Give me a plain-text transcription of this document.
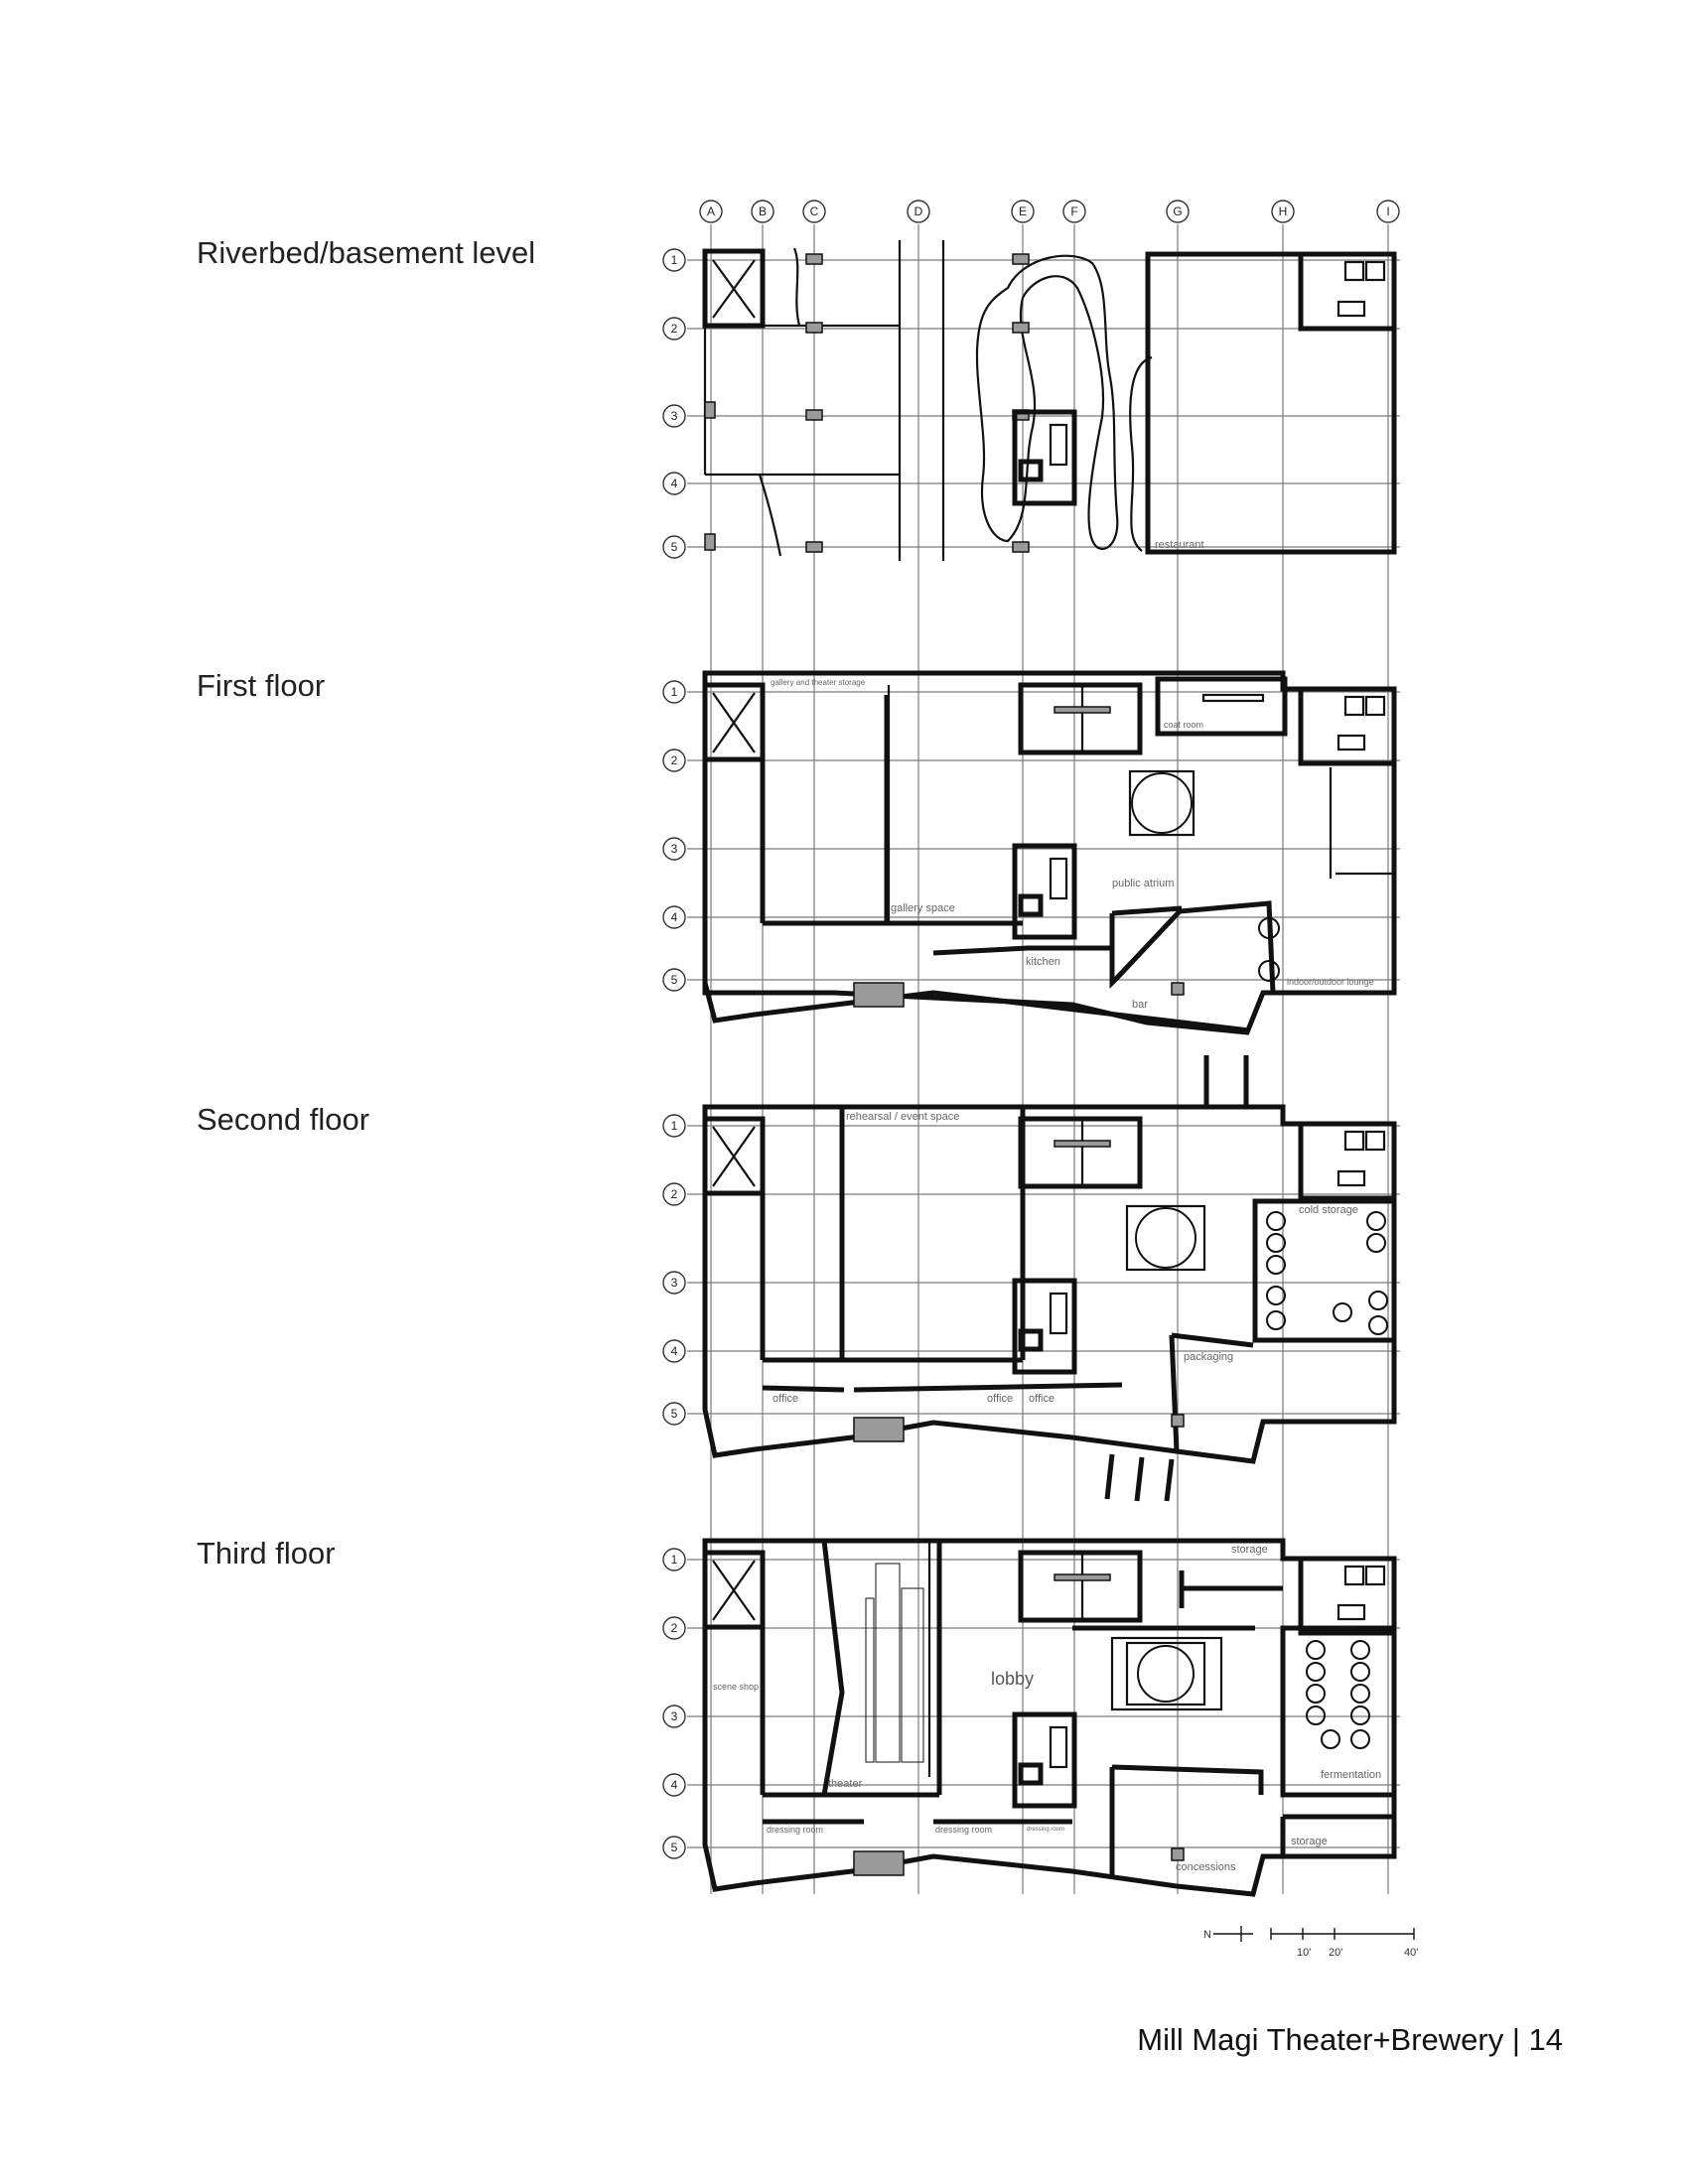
Riverbed/basement level
First floor
Second floor
Third floor
A	B	C	D	E	F	G	H	I
1
2
3
4
5
1
2
3
4
5
1
2
3
4
5
1
2
3
4
5
restaurant
gallery and theater storage
coat room
public atrium
gallery space
kitchen
bar
indoor/outdoor lounge
rehearsal / event space
cold storage
packaging
office	office office
storage
lobby
scene shop
theater
fermentation
dressing room	dressing room	dressing room
storage
concessions
N
10' 20'	40'
Mill Magi Theater+Brewery | 14
